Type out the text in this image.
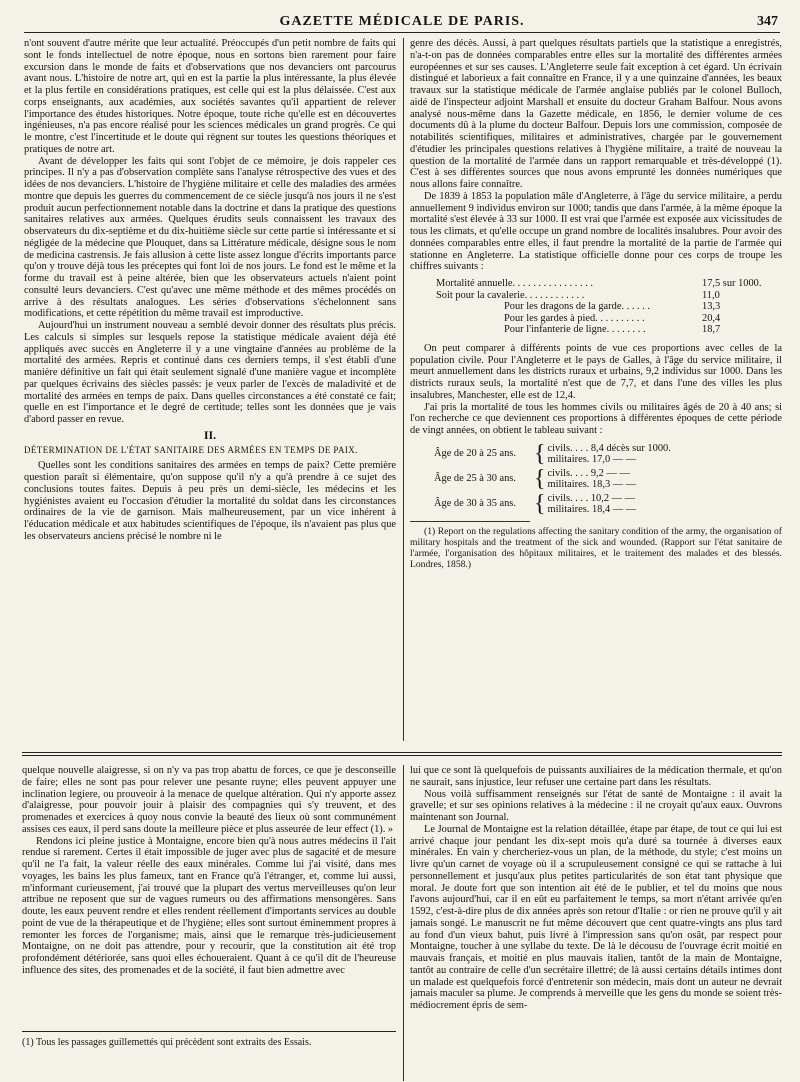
GAZETTE MÉDICALE DE PARIS.	347

n'ont souvent d'autre mérite que leur actualité. Préoccupés d'un petit nombre de faits qui sont le fonds intellectuel de notre époque, nous en sortons bien rarement pour faire excursion dans le monde de faits et d'observations que nos devanciers ont parcourus avant nous. L'histoire de notre art, qui en est la partie la plus intéressante, la plus élevée et la plus fertile en considérations pratiques, est celle qui est la plus délaissée. C'est aux corps enseignants, aux académies, aux sociétés savantes qu'il appartient de relever l'importance des études historiques. Notre époque, toute riche qu'elle est en découvertes ingénieuses, n'a pas encore réalisé pour les sciences médicales un grand progrès. Ce qui le montre, c'est l'incertitude et le doute qui règnent sur toutes les questions théoriques et pratiques de notre art.

Avant de développer les faits qui sont l'objet de ce mémoire, je dois rappeler ces principes. Il n'y a pas d'observation complète sans l'analyse rétrospective des vues et des idées de nos devanciers. L'histoire de l'hygiène militaire et celle des maladies des armées montre que depuis les guerres du commencement de ce siècle jusqu'à nos jours il ne s'est produit aucun perfectionnement notable dans la doctrine et dans la pratique des questions sanitaires relatives aux armées. Quelques érudits seuls connaissent les travaux des observateurs du dix-septième et du dix-huitième siècle sur cette partie si intéressante et si négligée de la médecine que Plouquet, dans sa Littérature médicale, désigne sous le nom de medicina castrensis. Je fais allusion à cette liste assez longue d'écrits importants parce qu'on y trouve déjà tous les préceptes qui font loi de nos jours. Le fond est le même et la forme du travail est à peine altérée, bien que les observateurs actuels n'aient point consulté leurs devanciers. C'est qu'avec une même méthode et des mêmes procédés on arrive à des résultats analogues. Les séries d'observations s'échelonnent sans modifications, et cette répétition du même travail est improductive.

Aujourd'hui un instrument nouveau a semblé devoir donner des résultats plus précis. Les calculs si simples sur lesquels repose la statistique médicale avaient déjà été appliqués avec succès en Angleterre il y a une vingtaine d'années au problème de la mortalité des armées. Repris et continué dans ces derniers temps, il s'est établi d'une manière définitive un fait qui était seulement signalé d'une manière vague et incomplète par quelques écrivains des siècles passés: je veux parler de l'excès de maladivité et de mortalité des armées en temps de paix. Dans quelles circonstances a été constaté ce fait; quelle en est l'importance et le degré de certitude; telles sont les données que je vais d'abord passer en revue.

II.
DÉTERMINATION DE L'ÉTAT SANITAIRE DES ARMÉES EN TEMPS DE PAIX.

Quelles sont les conditions sanitaires des armées en temps de paix? Cette première question paraît si élémentaire, qu'on suppose qu'il n'y a qu'à prendre à ce sujet des conclusions toutes faites. Depuis à peu près un demi-siècle, les médecins et les hygiénistes avaient eu l'occasion d'étudier la mortalité du soldat dans les circonstances ordinaires de la vie de garnison. Mais malheureusement, par un vice inhérent à l'éducation médicale et aux habitudes scientifiques de l'époque, ils n'avaient pas plus que les observateurs anciens précisé le nombre ni le

genre des décès. Aussi, à part quelques résultats partiels que la statistique a enregistrés, n'a-t-on pas de données comparables entre elles sur la mortalité des différentes armées européennes et sur ses causes. L'Angleterre seule fait exception à cet égard. Un écrivain distingué et laborieux a fait connaître en France, il y a une quinzaine d'années, les beaux travaux sur la statistique médicale de l'armée anglaise publiés par le colonel Bulloch, aidé de l'inspecteur adjoint Marshall et ensuite du docteur Graham Balfour. Nous avons analysé nous-même dans la Gazette médicale, en 1856, le dernier volume de ces documents dû à la plume du docteur Balfour. Depuis lors une commission, composée de notabilités scientifiques, militaires et administratives, chargée par le gouvernement d'étudier les principales questions relatives à l'hygiène militaire, a traité de nouveau la question de la mortalité de l'armée dans un rapport remarquable et très-développé (1). C'est à ses différentes sources que nous avons emprunté les données numériques que nous allons faire connaître.

De 1839 à 1853 la population mâle d'Angleterre, à l'âge du service militaire, a perdu annuellement 9 individus environ sur 1000; tandis que dans l'armée, à la même époque la mortalité s'est élevée à 33 sur 1000. Il est vrai que l'armée est exposée aux vicissitudes de tous les climats, et qu'elle occupe un grand nombre de localités insalubres. Pour avoir des données comparables entre elles, il faut prendre la mortalité de la partie de l'armée qui stationne en Angleterre. La statistique officielle donne pour ces corps de troupe les chiffres suivants :

Mortalité annuelle. . . . . . . . . . . . . . . .	17,5 sur 1000.
Soit pour la cavalerie. . . . . . . . . . . .	11,0
Pour les dragons de la garde. . . . . .	13,3
Pour les gardes à pied. . . . . . . . . .	20,4
Pour l'infanterie de ligne. . . . . . . .	18,7

On peut comparer à différents points de vue ces proportions avec celles de la population civile. Pour l'Angleterre et le pays de Galles, à l'âge du service militaire, il meurt annuellement dans les districts ruraux et urbains, 9,2 individus sur 1000. Dans les districts ruraux seuls, la mortalité n'est que de 7,7, et dans l'une des villes les plus insalubres, Manchester, elle est de 12,4.

J'ai pris la mortalité de tous les hommes civils ou militaires âgés de 20 à 40 ans; si l'on recherche ce que deviennent ces proportions à différentes époques de cette période de vingt années, on obtient le tableau suivant :

Âge de 20 à 25 ans. { civils. . . . 8,4 décès sur 1000.
militaires. 17,0 — —
Âge de 25 à 30 ans. { civils. . . . 9,2 — —
militaires. 18,3 — —
Âge de 30 à 35 ans. { civils. . . . 10,2 — —
militaires. 18,4 — —

(1) Report on the regulations affecting the sanitary condition of the army, the organisation of military hospitals and the treatment of the sick and wounded. (Rapport sur l'état sanitaire de l'armée, l'organisation des hôpitaux militaires, et le traitement des malades et des blessés. Londres, 1858.)

quelque nouvelle alaigresse, si on n'y va pas trop abattu de forces, ce que je desconseille de faire; elles ne sont pas pour relever une pesante ruyne; elles peuvent appuyer une inclination legiere, ou prouveoir à la menace de quelque altération. Qui n'y apporte assez d'alaigresse, pour pouvoir jouir à plaisir des compagnies qui s'y treuvent, et des promenades et exercices à quoy nous convie la beauté des lieux où sont communément assises ces eaux, il perd sans doute la meilleure pièce et plus asseurée de leur effect (1). »

Rendons ici pleine justice à Montaigne, encore bien qu'à nous autres médecins il l'ait rendue si rarement. Certes il était impossible de juger avec plus de sagacité et de mesure qu'il ne l'a fait, la valeur réelle des eaux minérales. Comme lui j'ai visité, dans mes voyages, les bains les plus fameux, tant en France qu'à l'étranger, et, comme lui aussi, m'informant curieusement, j'ai trouvé que la plupart des vertus merveilleuses qu'on leur attribue ne reposent que sur de vagues rumeurs ou des affirmations mensongères. Sans doute, les eaux peuvent rendre et elles rendent réellement d'importants services au double point de vue de la thérapeutique et de l'hygiène; elles sont surtout éminemment propres à remonter les forces de l'organisme; mais, ainsi que le remarque très-judicieusement Montaigne, on ne doit pas attendre, pour y recourir, que la constitution ait été trop profondément détériorée, sans quoi elles échoueraient. Quant à ce qu'il dit de l'heureuse influence des sites, des promenades et de la société, il faut bien admettre avec

(1) Tous les passages guillemettés qui précèdent sont extraits des Essais.

lui que ce sont là quelquefois de puissants auxiliaires de la médication thermale, et qu'on ne saurait, sans injustice, leur refuser une certaine part dans les résultats.

Nous voilà suffisamment renseignés sur l'état de santé de Montaigne : il avait la gravelle; et sur ses opinions relatives à la médecine : il ne croyait qu'aux eaux. Ouvrons maintenant son Journal.

Le Journal de Montaigne est la relation détaillée, étape par étape, de tout ce qui lui est arrivé chaque jour pendant les dix-sept mois qu'a duré sa tournée à diverses eaux minérales. En vain y chercheriez-vous un plan, de la méthode, du style; c'est moins un livre qu'un carnet de voyage où il a scrupuleusement consigné ce qui se rattache à lui personnellement et jusqu'aux plus petites particularités de son état tant physique que moral. Je doute fort que son intention ait été de le publier, et tel du moins que nous l'avons aujourd'hui, car il en eût eu parfaitement le temps, sa mort n'étant arrivée qu'en 1592, c'est-à-dire plus de dix années après son retour d'Italie : or rien ne prouve qu'il y ait jamais songé. Le manuscrit ne fut même découvert que cent quatre-vingts ans plus tard au fond d'un vieux bahut, puis livré à l'impression sans qu'on osât, par respect pour Montaigne, toucher à une syllabe du texte. De là le décousu de l'ouvrage écrit moitié en mauvais français, et moitié en plus mauvais italien, tantôt de la main de Montaigne, tantôt au contraire de celle d'un secrétaire illettré; de là aussi certains détails intimes dont un malade est quelquefois forcé d'entretenir son médecin, mais dont un auteur ne devrait jamais maculer sa plume. Je comprends à merveille que les gens du monde se soient très-médiocrement épris de sem-
